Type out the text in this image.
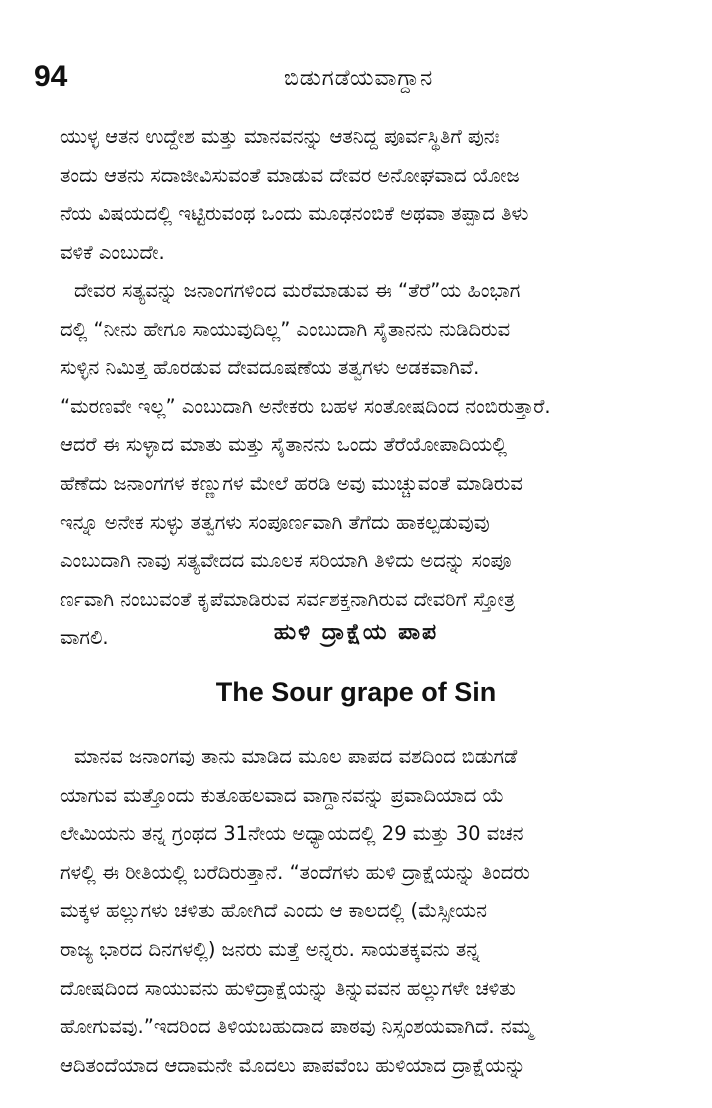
94	ಬಿಡುಗಡೆಯವಾಗ್ದಾನ

ಯುಳ್ಳ ಆತನ ಉದ್ದೇಶ ಮತ್ತು ಮಾನವನನ್ನು ಆತನಿದ್ದ ಪೂರ್ವಸ್ಥಿತಿಗೆ ಪುನಃ
ತಂದು ಆತನು ಸದಾಜೀವಿಸುವಂತೆ ಮಾಡುವ ದೇವರ ಅನೋಘವಾದ ಯೋಜ
ನೆಯ ವಿಷಯದಲ್ಲಿ ಇಟ್ಟಿರುವಂಥ ಒಂದು ಮೂಢನಂಬಿಕೆ ಅಥವಾ ತಪ್ಪಾದ ತಿಳು
ವಳಿಕೆ ಎಂಬುದೇ.

ದೇವರ ಸತ್ಯವನ್ನು ಜನಾಂಗಗಳಿಂದ ಮರೆಮಾಡುವ ಈ “ತೆರೆ”ಯ ಹಿಂಭಾಗ
ದಲ್ಲಿ “ನೀನು ಹೇಗೂ ಸಾಯುವುದಿಲ್ಲ” ಎಂಬುದಾಗಿ ಸೈತಾನನು ನುಡಿದಿರುವ
ಸುಳ್ಳಿನ ನಿಮಿತ್ತ ಹೊರಡುವ ದೇವದೂಷಣೆಯ ತತ್ವಗಳು ಅಡಕವಾಗಿವೆ.
“ಮರಣವೇ ಇಲ್ಲ” ಎಂಬುದಾಗಿ ಅನೇಕರು ಬಹಳ ಸಂತೋಷದಿಂದ ನಂಬಿರುತ್ತಾರೆ.
ಆದರೆ ಈ ಸುಳ್ಳಾದ ಮಾತು ಮತ್ತು ಸೈತಾನನು ಒಂದು ತೆರೆಯೋಪಾದಿಯಲ್ಲಿ
ಹೆಣೆದು ಜನಾಂಗಗಳ ಕಣ್ಣುಗಳ ಮೇಲೆ ಹರಡಿ ಅವು ಮುಚ್ಚುವಂತೆ ಮಾಡಿರುವ
ಇನ್ನೂ ಅನೇಕ ಸುಳ್ಳು ತತ್ವಗಳು ಸಂಪೂರ್ಣವಾಗಿ ತೆಗೆದು ಹಾಕಲ್ಪಡುವುವು
ಎಂಬುದಾಗಿ ನಾವು ಸತ್ಯವೇದದ ಮೂಲಕ ಸರಿಯಾಗಿ ತಿಳಿದು ಅದನ್ನು ಸಂಪೂ
ರ್ಣವಾಗಿ ನಂಬುವಂತೆ ಕೃಪೆಮಾಡಿರುವ ಸರ್ವಶಕ್ತನಾಗಿರುವ ದೇವರಿಗೆ ಸ್ತೋತ್ರ
ವಾಗಲಿ.	ಹುಳಿ ದ್ರಾಕ್ಷೆಯ ಪಾಪ
The Sour grape of Sin

ಮಾನವ ಜನಾಂಗವು ತಾನು ಮಾಡಿದ ಮೂಲ ಪಾಪದ ವಶದಿಂದ ಬಿಡುಗಡೆ
ಯಾಗುವ ಮತ್ತೊಂದು ಕುತೂಹಲವಾದ ವಾಗ್ದಾನವನ್ನು ಪ್ರವಾದಿಯಾದ ಯೆ
ಲೇಮಿಯನು ತನ್ನ ಗ್ರಂಥದ 31ನೇಯ ಅಧ್ಯಾಯದಲ್ಲಿ 29 ಮತ್ತು 30 ವಚನ
ಗಳಲ್ಲಿ ಈ ರೀತಿಯಲ್ಲಿ ಬರೆದಿರುತ್ತಾನೆ. “ತಂದೆಗಳು ಹುಳಿ ದ್ರಾಕ್ಷೆಯನ್ನು ತಿಂದರು
ಮಕ್ಕಳ ಹಲ್ಲುಗಳು ಚಳಿತು ಹೋಗಿದೆ ಎಂದು ಆ ಕಾಲದಲ್ಲಿ (ಮೆಸ್ಸೀಯನ
ರಾಜ್ಯ ಭಾರದ ದಿನಗಳಲ್ಲಿ) ಜನರು ಮತ್ತೆ ಅನ್ನರು. ಸಾಯತಕ್ಕವನು ತನ್ನ
ದೋಷದಿಂದ ಸಾಯುವನು ಹುಳಿದ್ರಾಕ್ಷೆಯನ್ನು ತಿನ್ನುವವನ ಹಲ್ಲುಗಳೇ ಚಳಿತು
ಹೋಗುವವು.”ಇದರಿಂದ ತಿಳಿಯಬಹುದಾದ ಪಾಠವು ನಿಸ್ಸಂಶಯವಾಗಿದೆ. ನಮ್ಮ
ಆದಿತಂದೆಯಾದ ಆದಾಮನೇ ಮೊದಲು ಪಾಪವೆಂಬ ಹುಳಿಯಾದ ದ್ರಾಕ್ಷೆಯನ್ನು
